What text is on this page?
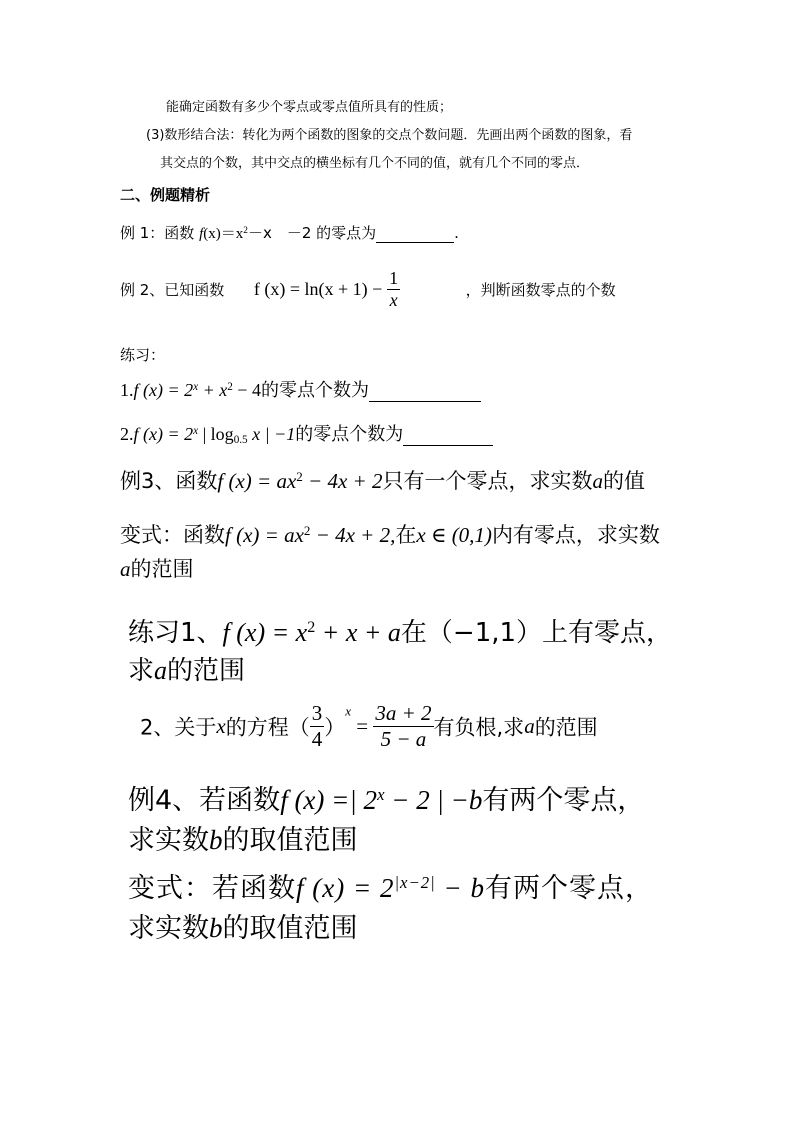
能确定函数有多少个零点或零点值所具有的性质；
(3)数形结合法：转化为两个函数的图象的交点个数问题．先画出两个函数的图象，看
其交点的个数，其中交点的横坐标有几个不同的值，就有几个不同的零点．
二、例题精析
例 1：函数 $f(x)=x^2-x$　－2 的零点为	.
例 2、已知函数 f $(x) = \ln(x + 1) - \frac{1}{x}$	，判断函数零点的个数
练习：
1.f $(x) = 2^x + x^2 - 4$的零点个数为
2.f $(x) = 2^x$ | $\log_{0.5} x$ | −1的零点个数为
例3、函数f $(x) = ax^2 - 4x + 2$只有一个零点，求实数a的值
变式：函数f $(x) = ax^2 - 4x + 2$,在x ∈ (0,1)内有零点，求实数
a的范围
练习1、f $(x) = x^2 + x + a$在（−1,1）上有零点，
求a的范围
2、关于x的方程（ $\frac{3}{4} )^x = \frac{3a + 2}{5 - a}$ 有负根,求a的范围
例4、若函数f (x) =| $2^x - 2$ | −b有两个零点，
求实数b的取值范围
变式：若函数f $(x) = 2^{|x-2|} - b$有两个零点，
求实数b的取值范围
